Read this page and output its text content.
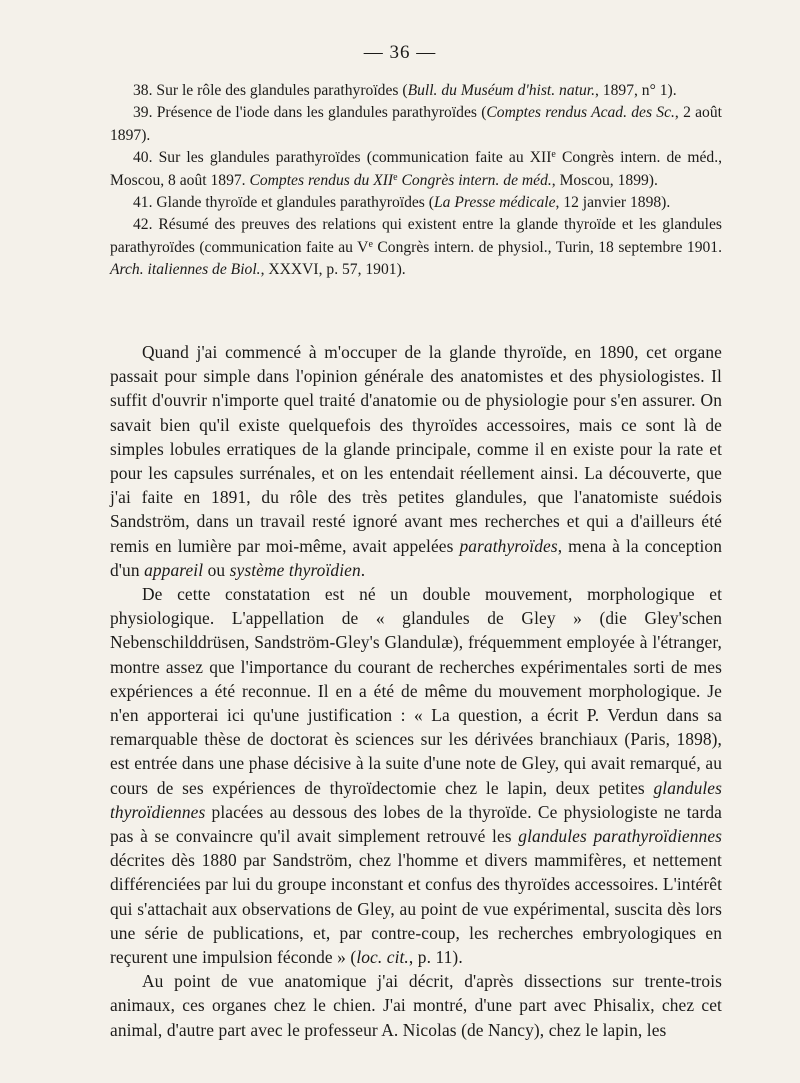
— 36 —

38. Sur le rôle des glandules parathyroïdes (Bull. du Muséum d'hist. natur., 1897, n° 1).

39. Présence de l'iode dans les glandules parathyroïdes (Comptes rendus Acad. des Sc., 2 août 1897).

40. Sur les glandules parathyroïdes (communication faite au XIIe Congrès intern. de méd., Moscou, 8 août 1897. Comptes rendus du XIIe Congrès intern. de méd., Moscou, 1899).

41. Glande thyroïde et glandules parathyroïdes (La Presse médicale, 12 janvier 1898).

42. Résumé des preuves des relations qui existent entre la glande thyroïde et les glandules parathyroïdes (communication faite au Ve Congrès intern. de physiol., Turin, 18 septembre 1901. Arch. italiennes de Biol., XXXVI, p. 57, 1901).

Quand j'ai commencé à m'occuper de la glande thyroïde, en 1890, cet organe passait pour simple dans l'opinion générale des anatomistes et des physiologistes. Il suffit d'ouvrir n'importe quel traité d'anatomie ou de physiologie pour s'en assurer. On savait bien qu'il existe quelquefois des thyroïdes accessoires, mais ce sont là de simples lobules erratiques de la glande principale, comme il en existe pour la rate et pour les capsules surrénales, et on les entendait réellement ainsi. La découverte, que j'ai faite en 1891, du rôle des très petites glandules, que l'anatomiste suédois Sandström, dans un travail resté ignoré avant mes recherches et qui a d'ailleurs été remis en lumière par moi-même, avait appelées parathyroïdes, mena à la conception d'un appareil ou système thyroïdien.

De cette constatation est né un double mouvement, morphologique et physiologique. L'appellation de « glandules de Gley » (die Gley'schen Nebenschilddrüsen, Sandström-Gley's Glandulæ), fréquemment employée à l'étranger, montre assez que l'importance du courant de recherches expérimentales sorti de mes expériences a été reconnue. Il en a été de même du mouvement morphologique. Je n'en apporterai ici qu'une justification : « La question, a écrit P. Verdun dans sa remarquable thèse de doctorat ès sciences sur les dérivées branchiaux (Paris, 1898), est entrée dans une phase décisive à la suite d'une note de Gley, qui avait remarqué, au cours de ses expériences de thyroïdectomie chez le lapin, deux petites glandules thyroïdiennes placées au dessous des lobes de la thyroïde. Ce physiologiste ne tarda pas à se convaincre qu'il avait simplement retrouvé les glandules parathyroïdiennes décrites dès 1880 par Sandström, chez l'homme et divers mammifères, et nettement différenciées par lui du groupe inconstant et confus des thyroïdes accessoires. L'intérêt qui s'attachait aux observations de Gley, au point de vue expérimental, suscita dès lors une série de publications, et, par contre-coup, les recherches embryologiques en reçurent une impulsion féconde » (loc. cit., p. 11).

Au point de vue anatomique j'ai décrit, d'après dissections sur trente-trois animaux, ces organes chez le chien. J'ai montré, d'une part avec Phisalix, chez cet animal, d'autre part avec le professeur A. Nicolas (de Nancy), chez le lapin, les
